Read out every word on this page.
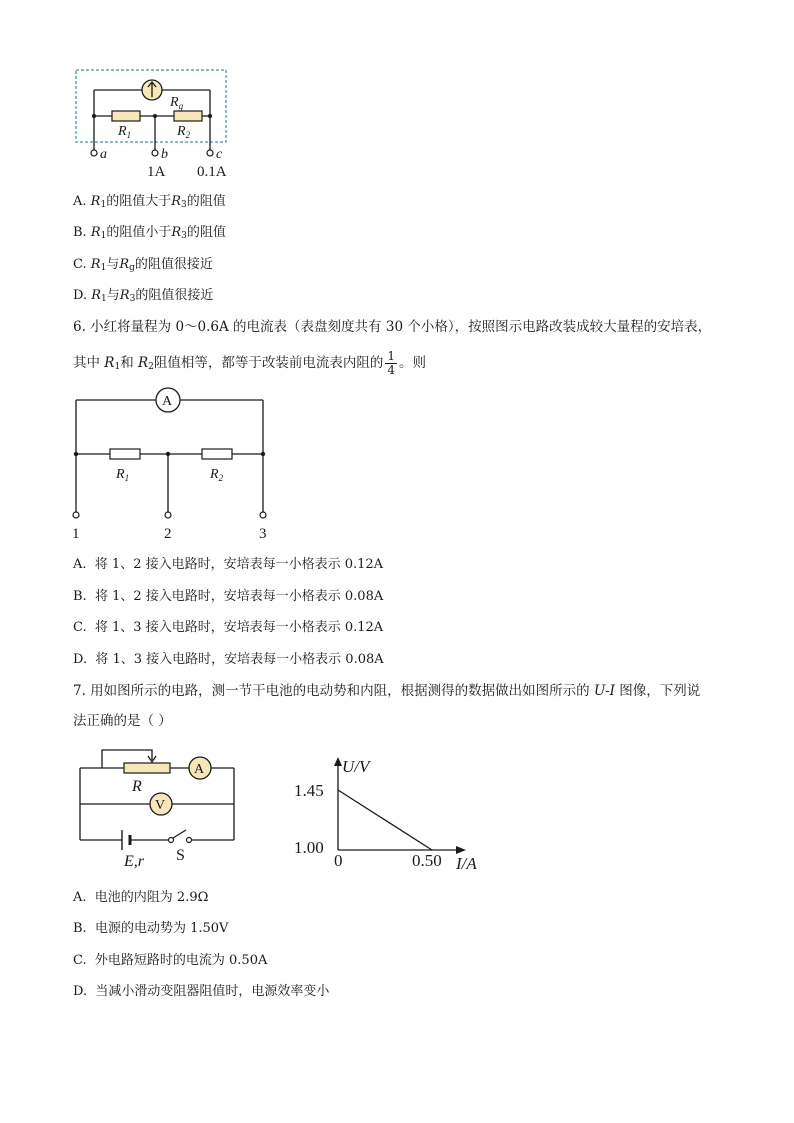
$R_g$
$R_1$	$R_2$
a	b	c
1A 0.1A
A. $R_1$的阻值大于$R_3$的阻值
B. $R_1$的阻值小于$R_3$的阻值
C. $R_1$与$R_g$的阻值很接近
D. $R_1$与$R_3$的阻值很接近
6. 小红将量程为 0～0.6A 的电流表（表盘刻度共有 30 个小格），按照图示电路改装成较大量程的安培表，
其中 $R_1$和 $R_2$阻值相等，都等于改装前电流表内阻的 $\frac{1}{4}$ 。则
A
$R_1$	$R_2$
1	2	3
A. 将 1、2 接入电路时，安培表每一小格表示 0.12A
B. 将 1、2 接入电路时，安培表每一小格表示 0.08A
C. 将 1、3 接入电路时，安培表每一小格表示 0.12A
D. 将 1、3 接入电路时，安培表每一小格表示 0.08A
7. 用如图所示的电路，测一节干电池的电动势和内阻，根据测得的数据做出如图所示的 U-I 图像，下列说
法正确的是（ ）
A
R
V
E,r S
U/V
1.45
1.00
0	0.50 I/A
A. 电池的内阻为 2.9Ω
B. 电源的电动势为 1.50V
C. 外电路短路时的电流为 0.50A
D. 当减小滑动变阻器阻值时，电源效率变小
